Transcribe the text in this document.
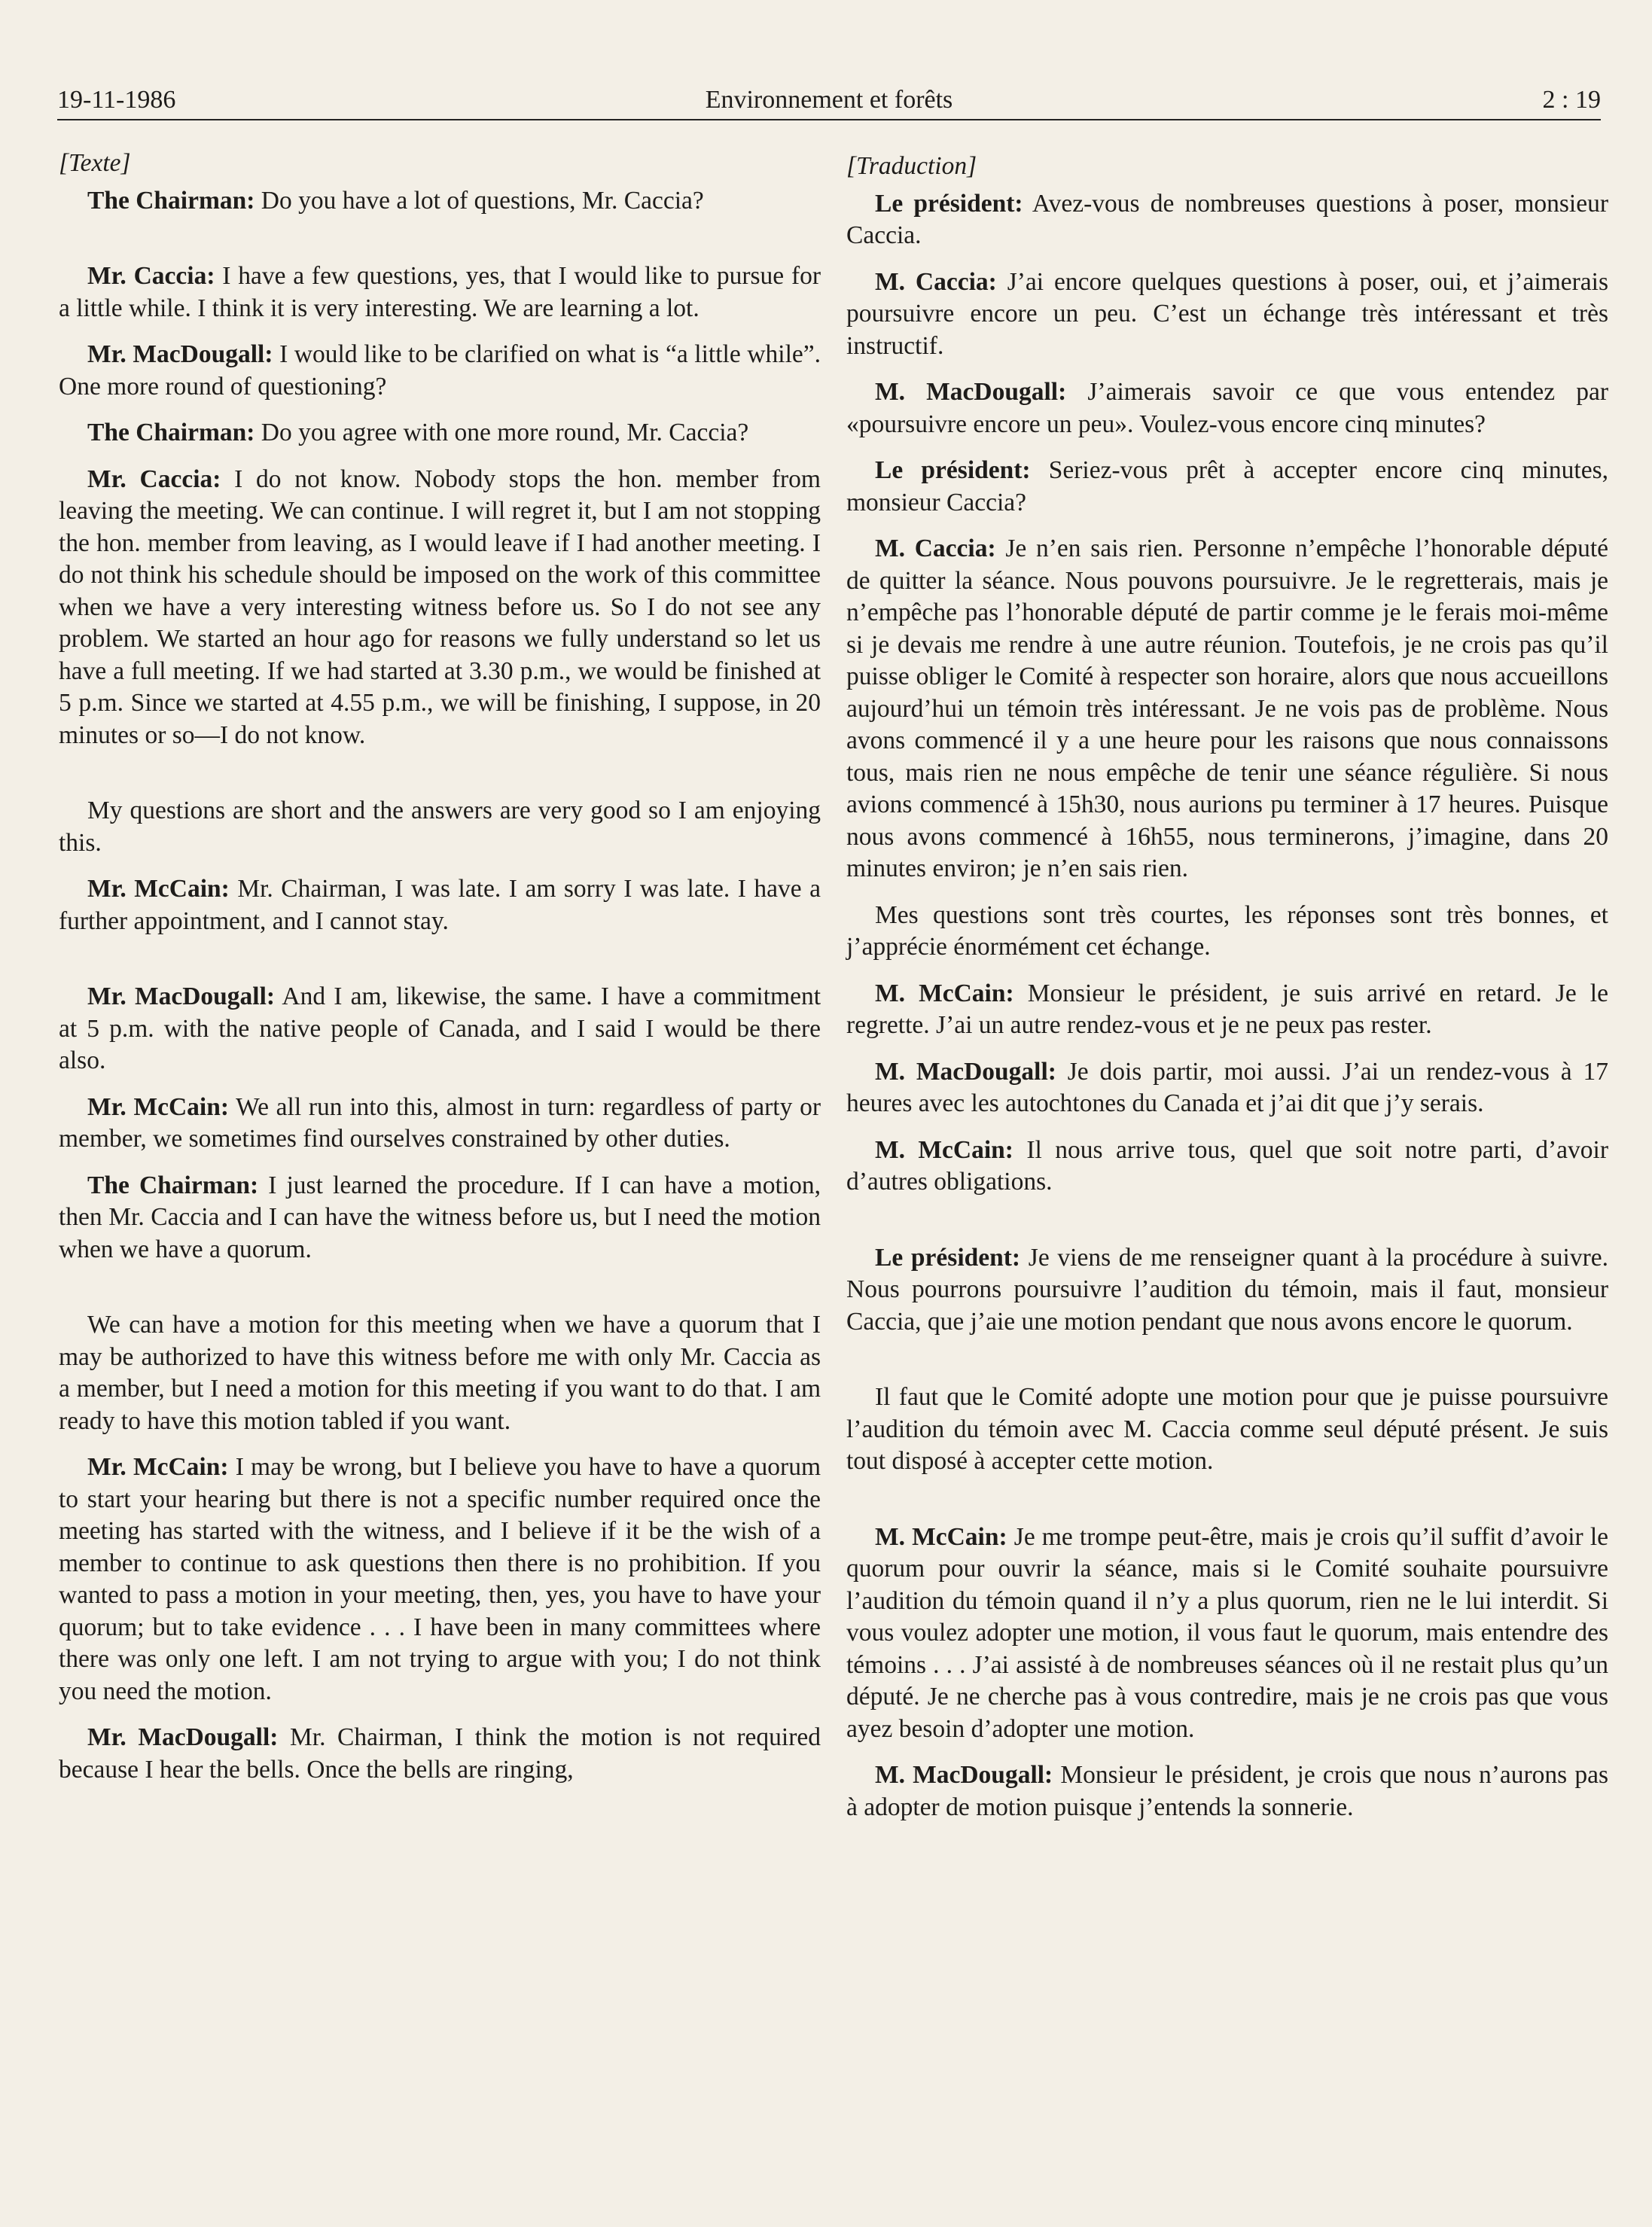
19-11-1986	Environnement et forêts	2 : 19

[Texte]

The Chairman: Do you have a lot of questions, Mr. Caccia?

Mr. Caccia: I have a few questions, yes, that I would like to pursue for a little while. I think it is very interesting. We are learning a lot.

Mr. MacDougall: I would like to be clarified on what is “a little while”. One more round of questioning?

The Chairman: Do you agree with one more round, Mr. Caccia?

Mr. Caccia: I do not know. Nobody stops the hon. member from leaving the meeting. We can continue. I will regret it, but I am not stopping the hon. member from leaving, as I would leave if I had another meeting. I do not think his schedule should be imposed on the work of this committee when we have a very interesting witness before us. So I do not see any problem. We started an hour ago for reasons we fully understand so let us have a full meeting. If we had started at 3.30 p.m., we would be finished at 5 p.m. Since we started at 4.55 p.m., we will be finishing, I suppose, in 20 minutes or so—I do not know.

My questions are short and the answers are very good so I am enjoying this.

Mr. McCain: Mr. Chairman, I was late. I am sorry I was late. I have a further appointment, and I cannot stay.

Mr. MacDougall: And I am, likewise, the same. I have a commitment at 5 p.m. with the native people of Canada, and I said I would be there also.

Mr. McCain: We all run into this, almost in turn: regardless of party or member, we sometimes find ourselves constrained by other duties.

The Chairman: I just learned the procedure. If I can have a motion, then Mr. Caccia and I can have the witness before us, but I need the motion when we have a quorum.

We can have a motion for this meeting when we have a quorum that I may be authorized to have this witness before me with only Mr. Caccia as a member, but I need a motion for this meeting if you want to do that. I am ready to have this motion tabled if you want.

Mr. McCain: I may be wrong, but I believe you have to have a quorum to start your hearing but there is not a specific number required once the meeting has started with the witness, and I believe if it be the wish of a member to continue to ask questions then there is no prohibition. If you wanted to pass a motion in your meeting, then, yes, you have to have your quorum; but to take evidence . . . I have been in many committees where there was only one left. I am not trying to argue with you; I do not think you need the motion.

Mr. MacDougall: Mr. Chairman, I think the motion is not required because I hear the bells. Once the bells are ringing,

[Traduction]

Le président: Avez-vous de nombreuses questions à poser, monsieur Caccia.

M. Caccia: J’ai encore quelques questions à poser, oui, et j’aimerais poursuivre encore un peu. C’est un échange très intéressant et très instructif.

M. MacDougall: J’aimerais savoir ce que vous entendez par «poursuivre encore un peu». Voulez-vous encore cinq minutes?

Le président: Seriez-vous prêt à accepter encore cinq minutes, monsieur Caccia?

M. Caccia: Je n’en sais rien. Personne n’empêche l’honorable député de quitter la séance. Nous pouvons poursuivre. Je le regretterais, mais je n’empêche pas l’honorable député de partir comme je le ferais moi-même si je devais me rendre à une autre réunion. Toutefois, je ne crois pas qu’il puisse obliger le Comité à respecter son horaire, alors que nous accueillons aujourd’hui un témoin très intéressant. Je ne vois pas de problème. Nous avons commencé il y a une heure pour les raisons que nous connaissons tous, mais rien ne nous empêche de tenir une séance régulière. Si nous avions commencé à 15h30, nous aurions pu terminer à 17 heures. Puisque nous avons commencé à 16h55, nous terminerons, j’imagine, dans 20 minutes environ; je n’en sais rien.

Mes questions sont très courtes, les réponses sont très bonnes, et j’apprécie énormément cet échange.

M. McCain: Monsieur le président, je suis arrivé en retard. Je le regrette. J’ai un autre rendez-vous et je ne peux pas rester.

M. MacDougall: Je dois partir, moi aussi. J’ai un rendez-vous à 17 heures avec les autochtones du Canada et j’ai dit que j’y serais.

M. McCain: Il nous arrive tous, quel que soit notre parti, d’avoir d’autres obligations.

Le président: Je viens de me renseigner quant à la procédure à suivre. Nous pourrons poursuivre l’audition du témoin, mais il faut, monsieur Caccia, que j’aie une motion pendant que nous avons encore le quorum.

Il faut que le Comité adopte une motion pour que je puisse poursuivre l’audition du témoin avec M. Caccia comme seul député présent. Je suis tout disposé à accepter cette motion.

M. McCain: Je me trompe peut-être, mais je crois qu’il suffit d’avoir le quorum pour ouvrir la séance, mais si le Comité souhaite poursuivre l’audition du témoin quand il n’y a plus quorum, rien ne le lui interdit. Si vous voulez adopter une motion, il vous faut le quorum, mais entendre des témoins . . . J’ai assisté à de nombreuses séances où il ne restait plus qu’un député. Je ne cherche pas à vous contredire, mais je ne crois pas que vous ayez besoin d’adopter une motion.

M. MacDougall: Monsieur le président, je crois que nous n’aurons pas à adopter de motion puisque j’entends la sonnerie.
